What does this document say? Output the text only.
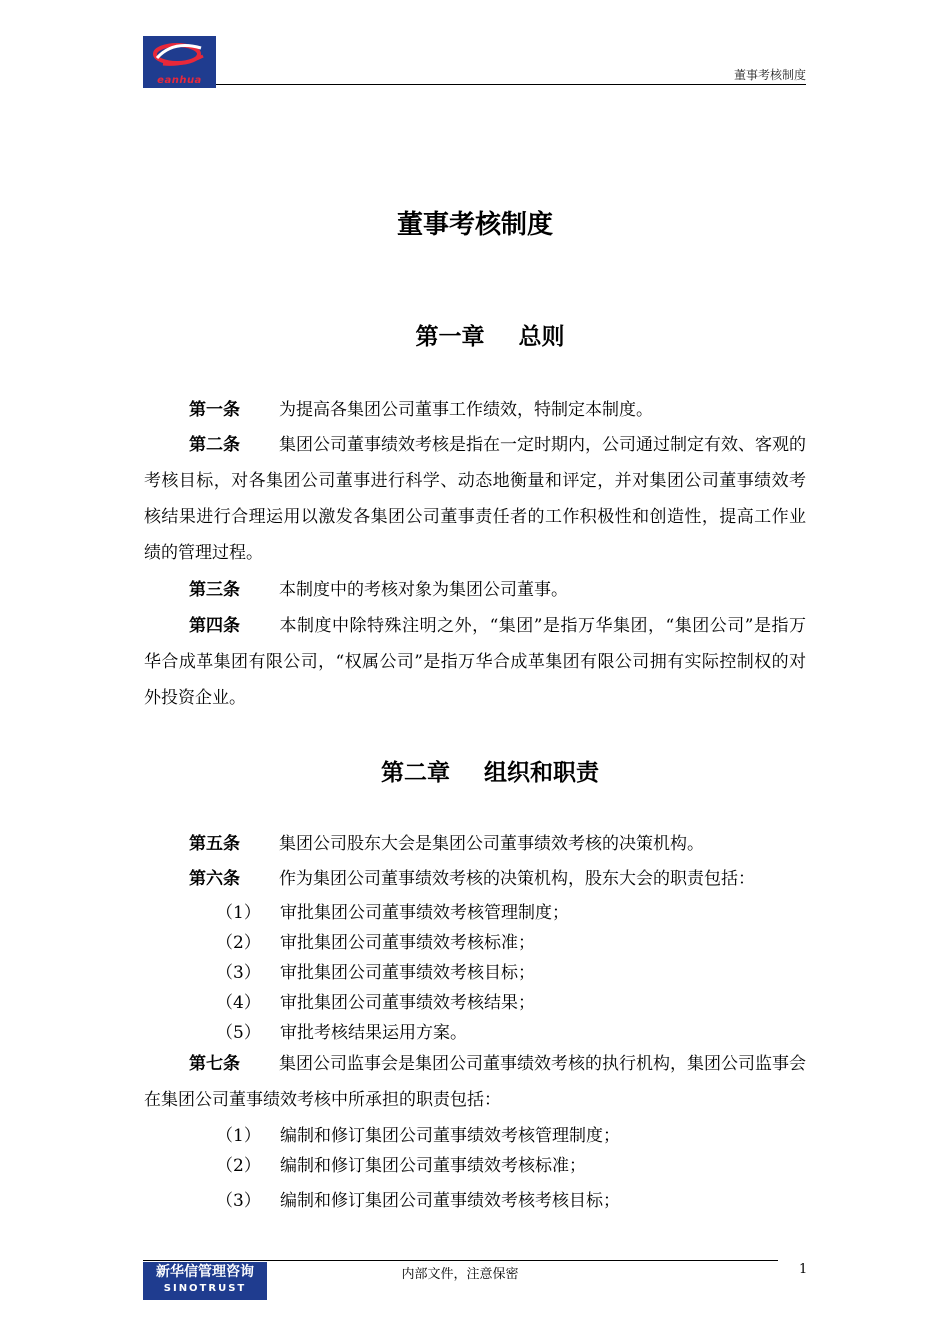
eanhua	董事考核制度
董事考核制度
第一章 总则
第一条 为提高各集团公司董事工作绩效，特制定本制度。
第二条 集团公司董事绩效考核是指在一定时期内，公司通过制定有效、客观的考核目标，对各集团公司董事进行科学、动态地衡量和评定，并对集团公司董事绩效考核结果进行合理运用以激发各集团公司董事责任者的工作积极性和创造性，提高工作业绩的管理过程。
第三条 本制度中的考核对象为集团公司董事。
第四条 本制度中除特殊注明之外，“集团”是指万华集团，“集团公司”是指万华合成革集团有限公司，“权属公司”是指万华合成革集团有限公司拥有实际控制权的对外投资企业。
第二章 组织和职责
第五条 集团公司股东大会是集团公司董事绩效考核的决策机构。
第六条 作为集团公司董事绩效考核的决策机构，股东大会的职责包括：
（1） 审批集团公司董事绩效考核管理制度；
（2） 审批集团公司董事绩效考核标准；
（3） 审批集团公司董事绩效考核目标；
（4） 审批集团公司董事绩效考核结果；
（5） 审批考核结果运用方案。
第七条 集团公司监事会是集团公司董事绩效考核的执行机构，集团公司监事会在集团公司董事绩效考核中所承担的职责包括：
（1） 编制和修订集团公司董事绩效考核管理制度；
（2） 编制和修订集团公司董事绩效考核标准；
（3） 编制和修订集团公司董事绩效考核考核目标；
新华信管理咨询
SINOTRUST
内部文件，注意保密	1
